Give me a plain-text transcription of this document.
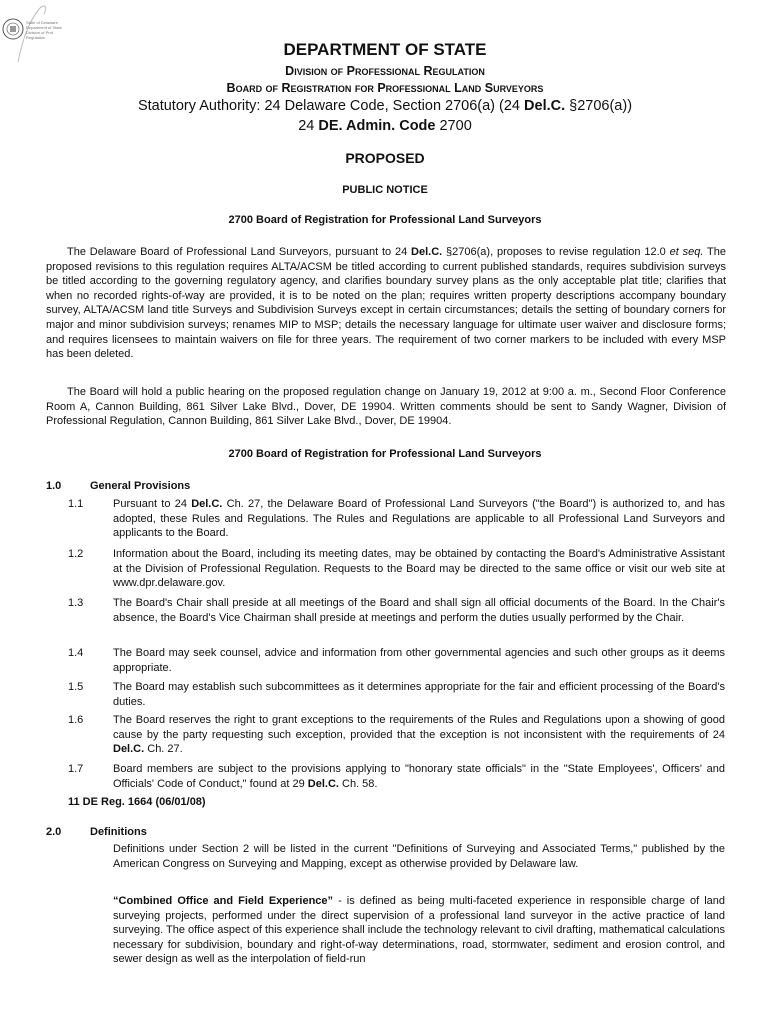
State of Delaware
Department of State
Division of Prof.
Regulation
DEPARTMENT OF STATE
Division of Professional Regulation
Board of Registration for Professional Land Surveyors
Statutory Authority: 24 Delaware Code, Section 2706(a) (24 Del.C. §2706(a))
24 DE. Admin. Code 2700
PROPOSED
PUBLIC NOTICE
2700 Board of Registration for Professional Land Surveyors
The Delaware Board of Professional Land Surveyors, pursuant to 24 Del.C. §2706(a), proposes to revise regulation 12.0 et seq. The proposed revisions to this regulation requires ALTA/ACSM be titled according to current published standards, requires subdivision surveys be titled according to the governing regulatory agency, and clarifies boundary survey plans as the only acceptable plat title; clarifies that when no recorded rights-of-way are provided, it is to be noted on the plan; requires written property descriptions accompany boundary survey, ALTA/ACSM land title Surveys and Subdivision Surveys except in certain circumstances; details the setting of boundary corners for major and minor subdivision surveys; renames MIP to MSP; details the necessary language for ultimate user waiver and disclosure forms; and requires licensees to maintain waivers on file for three years. The requirement of two corner markers to be included with every MSP has been deleted.
The Board will hold a public hearing on the proposed regulation change on January 19, 2012 at 9:00 a. m., Second Floor Conference Room A, Cannon Building, 861 Silver Lake Blvd., Dover, DE 19904. Written comments should be sent to Sandy Wagner, Division of Professional Regulation, Cannon Building, 861 Silver Lake Blvd., Dover, DE 19904.
2700 Board of Registration for Professional Land Surveyors
1.0	General Provisions
1.1	Pursuant to 24 Del.C. Ch. 27, the Delaware Board of Professional Land Surveyors ("the Board") is authorized to, and has adopted, these Rules and Regulations. The Rules and Regulations are applicable to all Professional Land Surveyors and applicants to the Board.
1.2	Information about the Board, including its meeting dates, may be obtained by contacting the Board's Administrative Assistant at the Division of Professional Regulation. Requests to the Board may be directed to the same office or visit our web site at www.dpr.delaware.gov.
1.3	The Board's Chair shall preside at all meetings of the Board and shall sign all official documents of the Board. In the Chair's absence, the Board's Vice Chairman shall preside at meetings and perform the duties usually performed by the Chair.
1.4	The Board may seek counsel, advice and information from other governmental agencies and such other groups as it deems appropriate.
1.5	The Board may establish such subcommittees as it determines appropriate for the fair and efficient processing of the Board's duties.
1.6	The Board reserves the right to grant exceptions to the requirements of the Rules and Regulations upon a showing of good cause by the party requesting such exception, provided that the exception is not inconsistent with the requirements of 24 Del.C. Ch. 27.
1.7	Board members are subject to the provisions applying to "honorary state officials" in the "State Employees', Officers' and Officials' Code of Conduct," found at 29 Del.C. Ch. 58.
11 DE Reg. 1664 (06/01/08)
2.0	Definitions
Definitions under Section 2 will be listed in the current "Definitions of Surveying and Associated Terms," published by the American Congress on Surveying and Mapping, except as otherwise provided by Delaware law.
“Combined Office and Field Experience” - is defined as being multi-faceted experience in responsible charge of land surveying projects, performed under the direct supervision of a professional land surveyor in the active practice of land surveying. The office aspect of this experience shall include the technology relevant to civil drafting, mathematical calculations necessary for subdivision, boundary and right-of-way determinations, road, stormwater, sediment and erosion control, and sewer design as well as the interpolation of field-run
